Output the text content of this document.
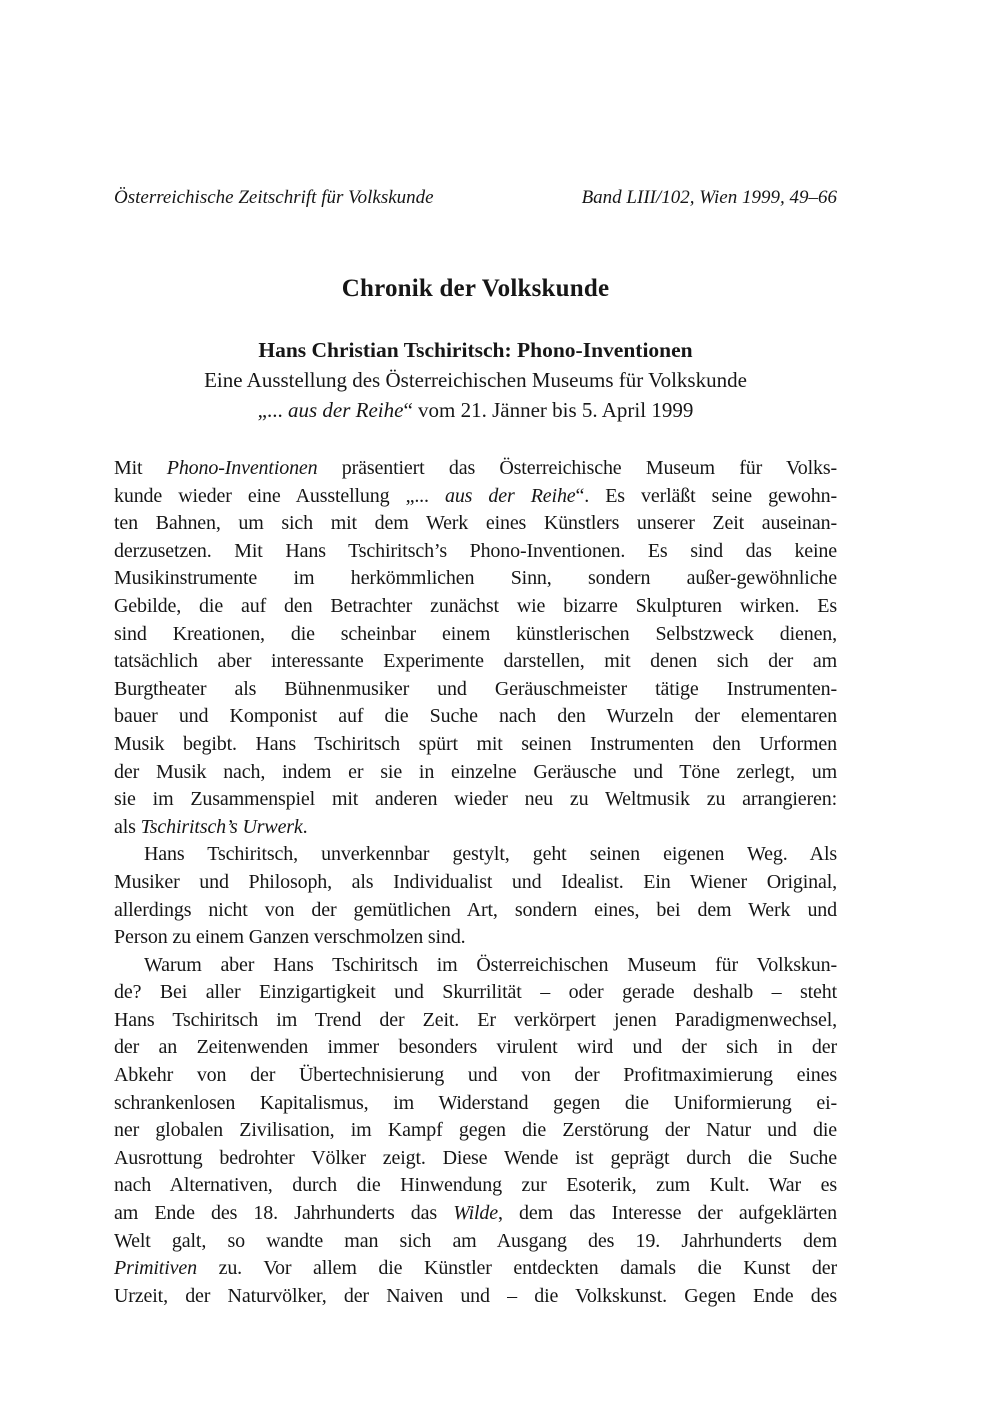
Österreichische Zeitschrift für Volkskunde	Band LIII/102, Wien 1999, 49–66
Chronik der Volkskunde
Hans Christian Tschiritsch: Phono-Inventionen
Eine Ausstellung des Österreichischen Museums für Volkskunde
„... aus der Reihe“ vom 21. Jänner bis 5. April 1999
Mit Phono-Inventionen präsentiert das Österreichische Museum für Volks-
kunde wieder eine Ausstellung „... aus der Reihe“. Es verläßt seine gewohn-
ten Bahnen, um sich mit dem Werk eines Künstlers unserer Zeit auseinan-
derzusetzen. Mit Hans Tschiritsch’s Phono-Inventionen. Es sind das keine
Musikinstrumente im herkömmlichen Sinn, sondern außer-gewöhnliche
Gebilde, die auf den Betrachter zunächst wie bizarre Skulpturen wirken. Es
sind Kreationen, die scheinbar einem künstlerischen Selbstzweck dienen,
tatsächlich aber interessante Experimente darstellen, mit denen sich der am
Burgtheater als Bühnenmusiker und Geräuschmeister tätige Instrumenten-
bauer und Komponist auf die Suche nach den Wurzeln der elementaren
Musik begibt. Hans Tschiritsch spürt mit seinen Instrumenten den Urformen
der Musik nach, indem er sie in einzelne Geräusche und Töne zerlegt, um
sie im Zusammenspiel mit anderen wieder neu zu Weltmusik zu arrangieren:
als Tschiritsch’s Urwerk.
Hans Tschiritsch, unverkennbar gestylt, geht seinen eigenen Weg. Als
Musiker und Philosoph, als Individualist und Idealist. Ein Wiener Original,
allerdings nicht von der gemütlichen Art, sondern eines, bei dem Werk und
Person zu einem Ganzen verschmolzen sind.
Warum aber Hans Tschiritsch im Österreichischen Museum für Volkskun-
de? Bei aller Einzigartigkeit und Skurrilität – oder gerade deshalb – steht
Hans Tschiritsch im Trend der Zeit. Er verkörpert jenen Paradigmenwechsel,
der an Zeitenwenden immer besonders virulent wird und der sich in der
Abkehr von der Übertechnisierung und von der Profitmaximierung eines
schrankenlosen Kapitalismus, im Widerstand gegen die Uniformierung ei-
ner globalen Zivilisation, im Kampf gegen die Zerstörung der Natur und die
Ausrottung bedrohter Völker zeigt. Diese Wende ist geprägt durch die Suche
nach Alternativen, durch die Hinwendung zur Esoterik, zum Kult. War es
am Ende des 18. Jahrhunderts das Wilde, dem das Interesse der aufgeklärten
Welt galt, so wandte man sich am Ausgang des 19. Jahrhunderts dem
Primitiven zu. Vor allem die Künstler entdeckten damals die Kunst der
Urzeit, der Naturvölker, der Naiven und – die Volkskunst. Gegen Ende des
